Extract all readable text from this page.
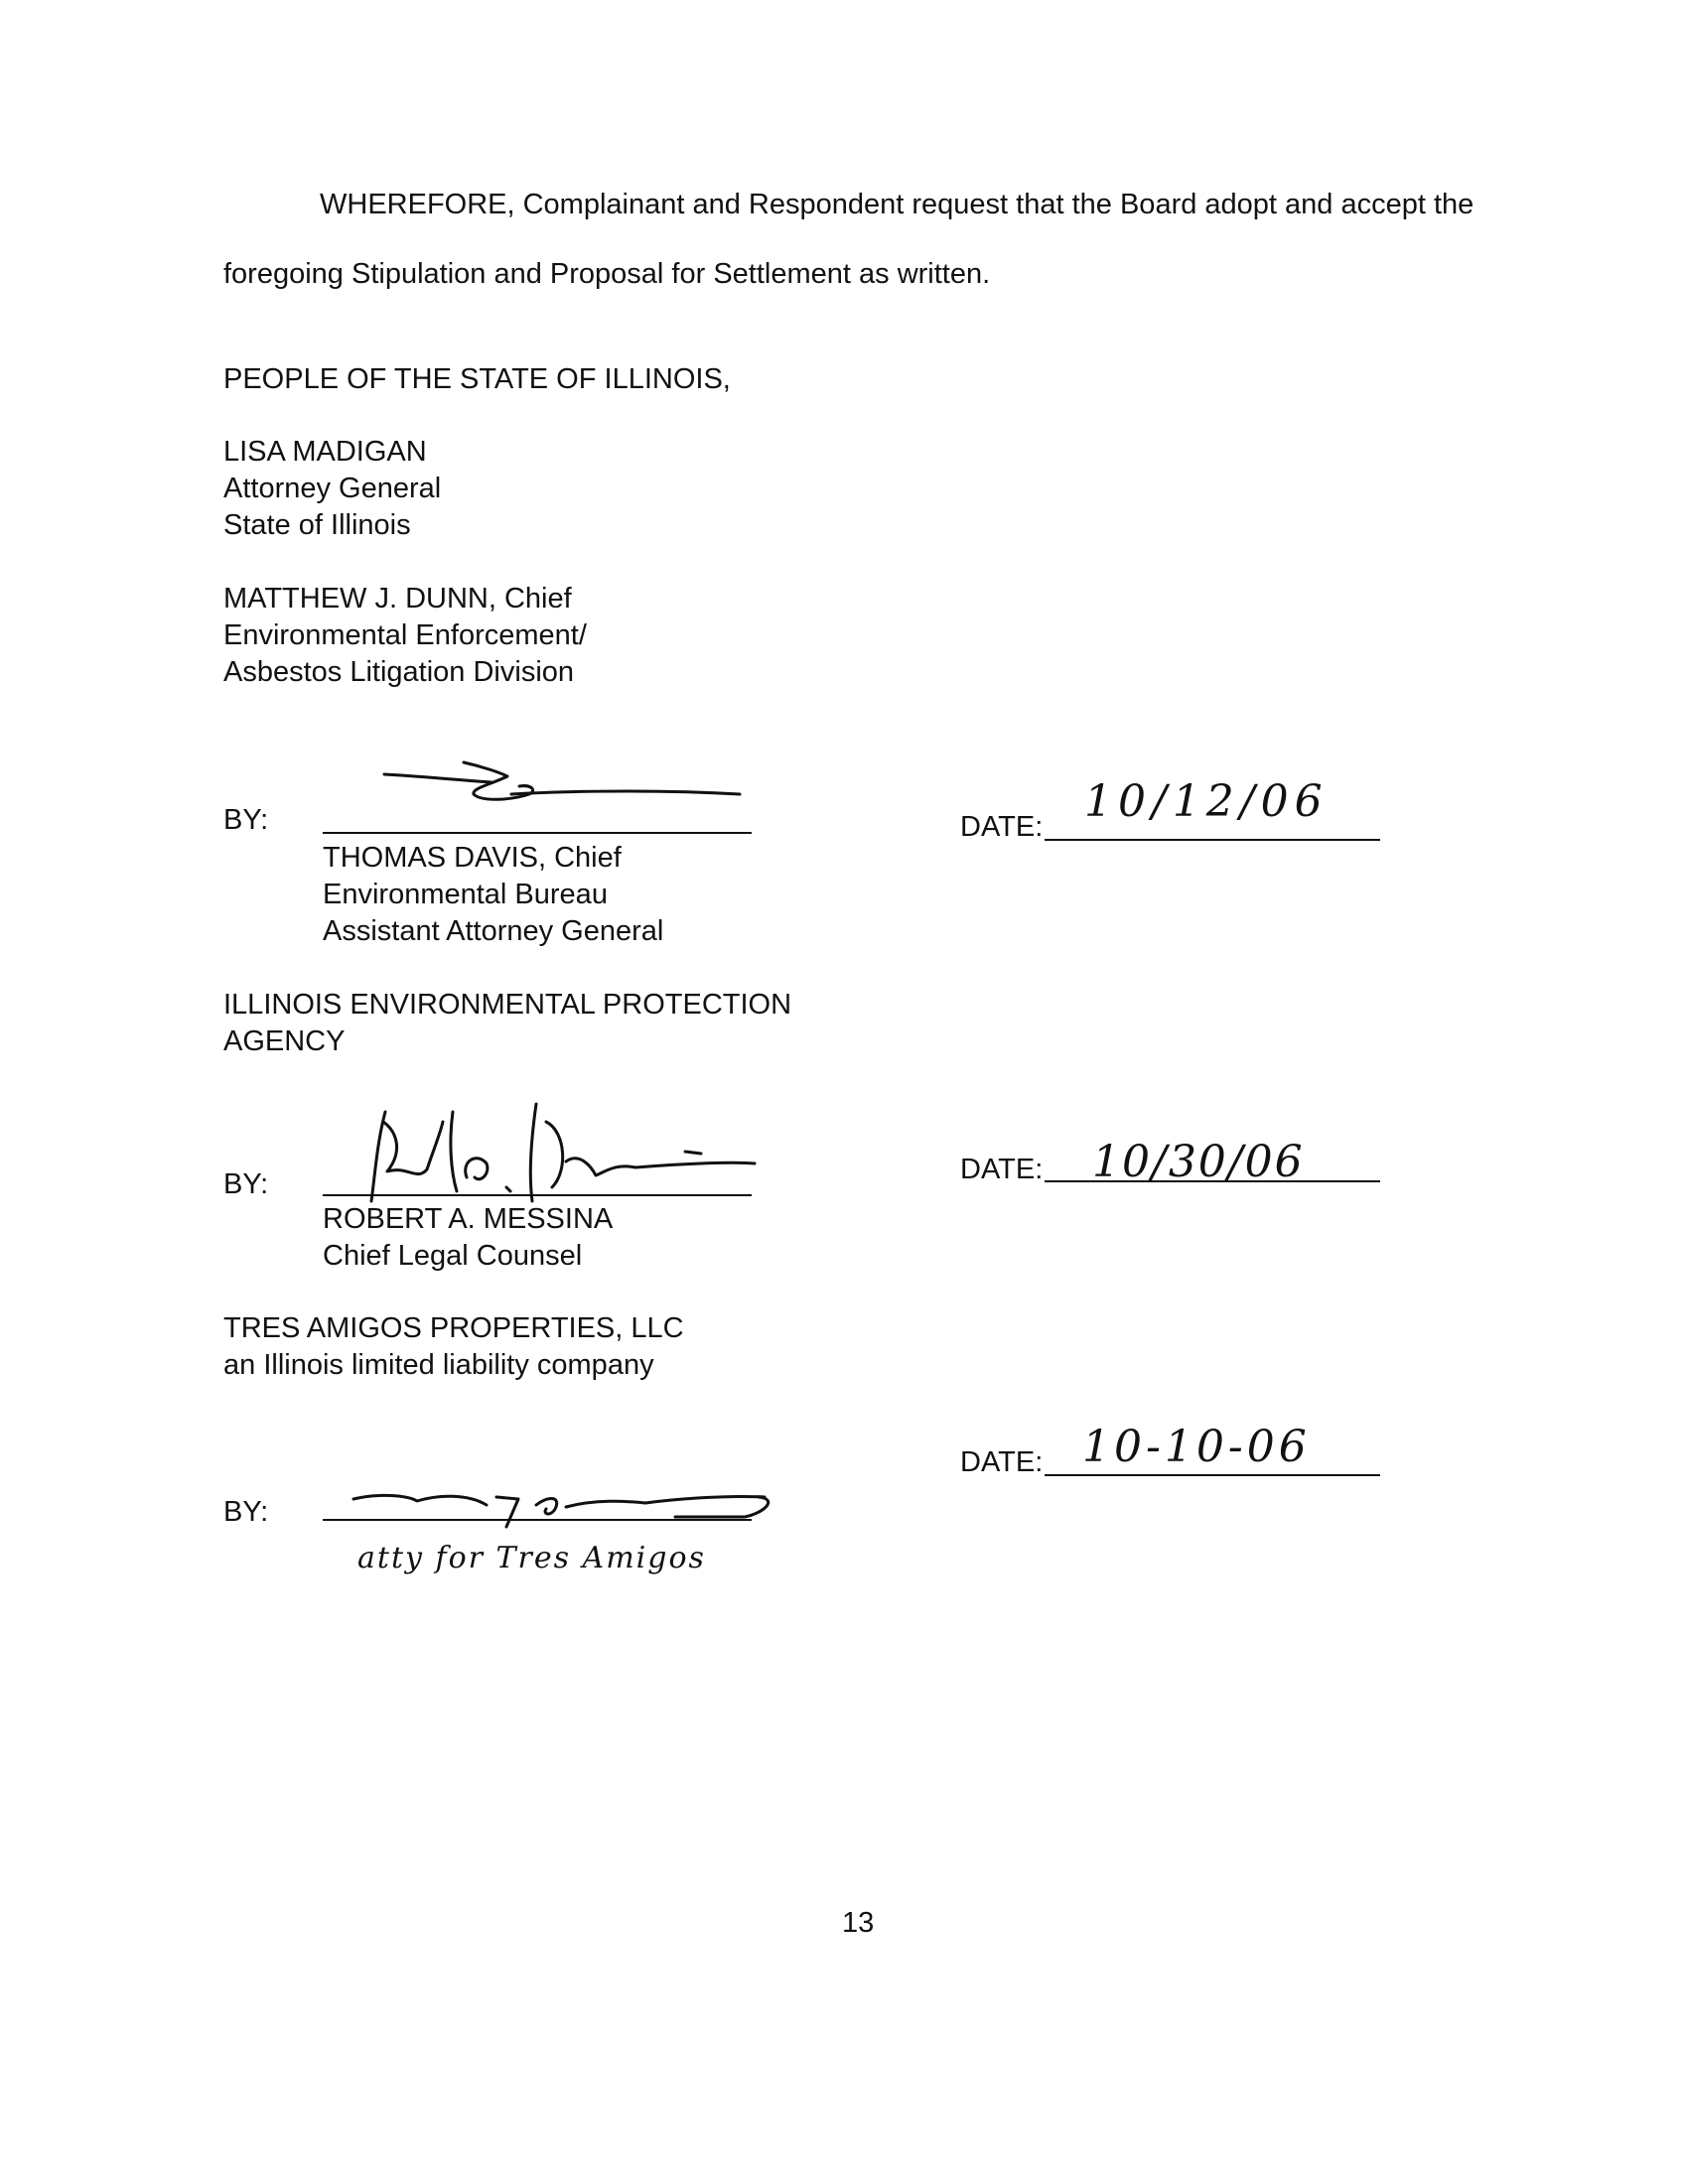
WHEREFORE, Complainant and Respondent request that the Board adopt and accept the
foregoing Stipulation and Proposal for Settlement as written.
PEOPLE OF THE STATE OF ILLINOIS,
LISA MADIGAN
Attorney General
State of Illinois
MATTHEW J. DUNN, Chief
Environmental Enforcement/
Asbestos Litigation Division
BY:
THOMAS DAVIS, Chief
Environmental Bureau
Assistant Attorney General
DATE: 10/12/06
ILLINOIS ENVIRONMENTAL PROTECTION
AGENCY
BY:
ROBERT A. MESSINA
Chief Legal Counsel
DATE: 10/30/06
TRES AMIGOS PROPERTIES, LLC
an Illinois limited liability company
DATE: 10-10-06
BY:
atty for Tres Amigos
13
